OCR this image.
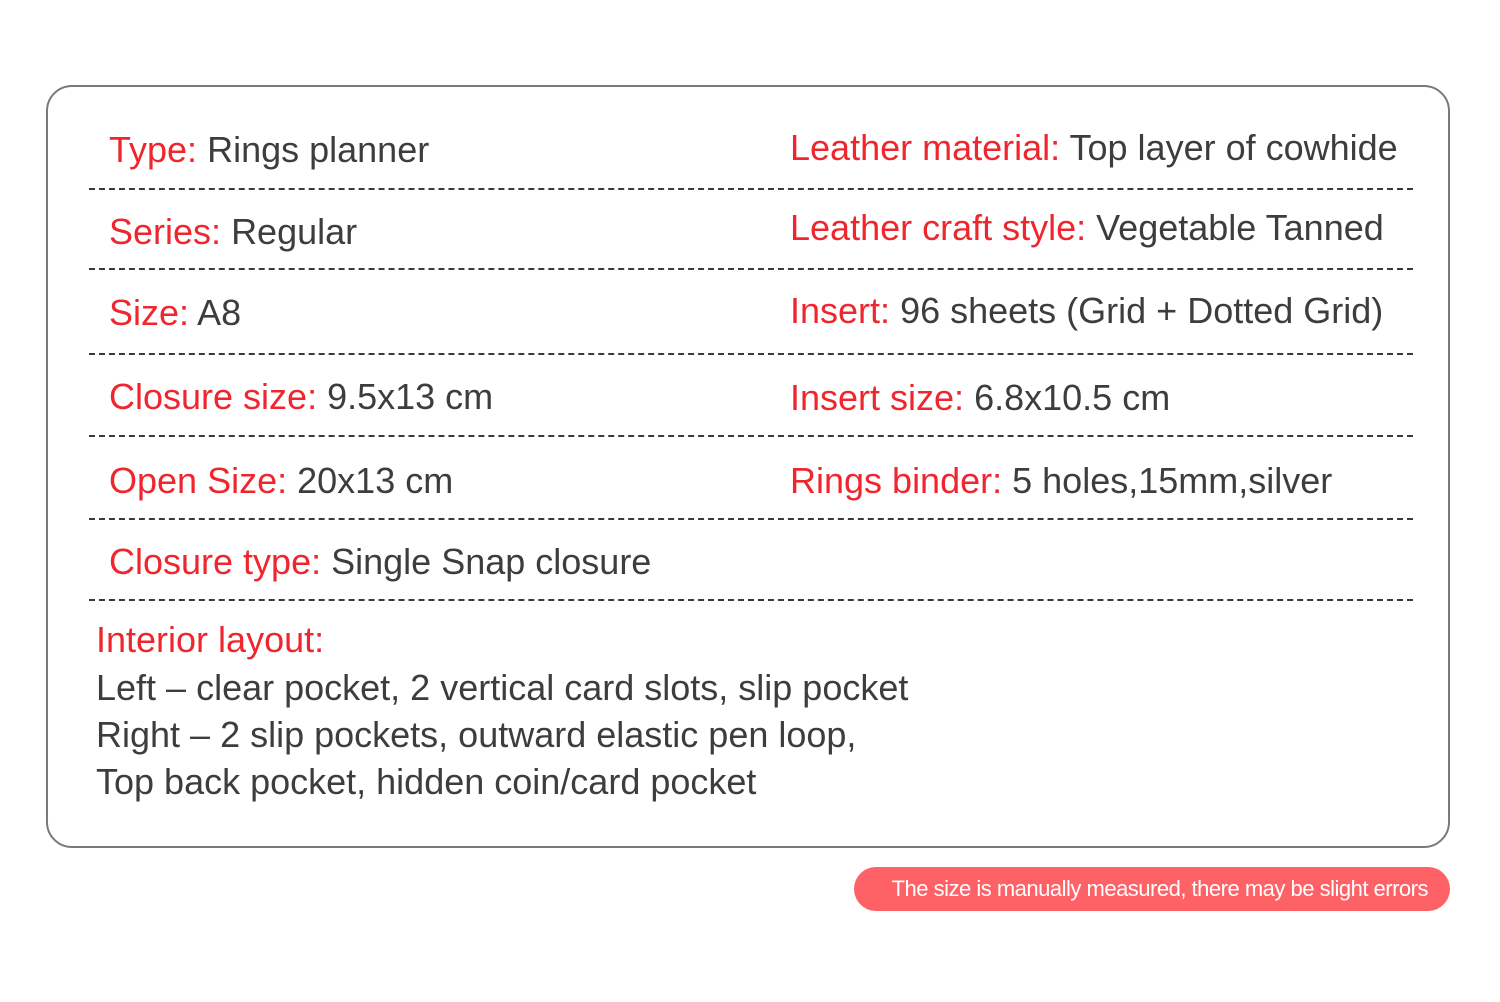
Type: Rings planner	Leather material: Top layer of cowhide
Series: Regular	Leather craft style: Vegetable Tanned
Size: A8	Insert: 96 sheets (Grid + Dotted Grid)
Closure size: 9.5x13 cm	Insert size: 6.8x10.5 cm
Open Size: 20x13 cm	Rings binder: 5 holes,15mm,silver
Closure type: Single Snap closure
Interior layout:
Left – clear pocket, 2 vertical card slots, slip pocket
Right – 2 slip pockets, outward elastic pen loop,
Top back pocket, hidden coin/card pocket
The size is manually measured, there may be slight errors
